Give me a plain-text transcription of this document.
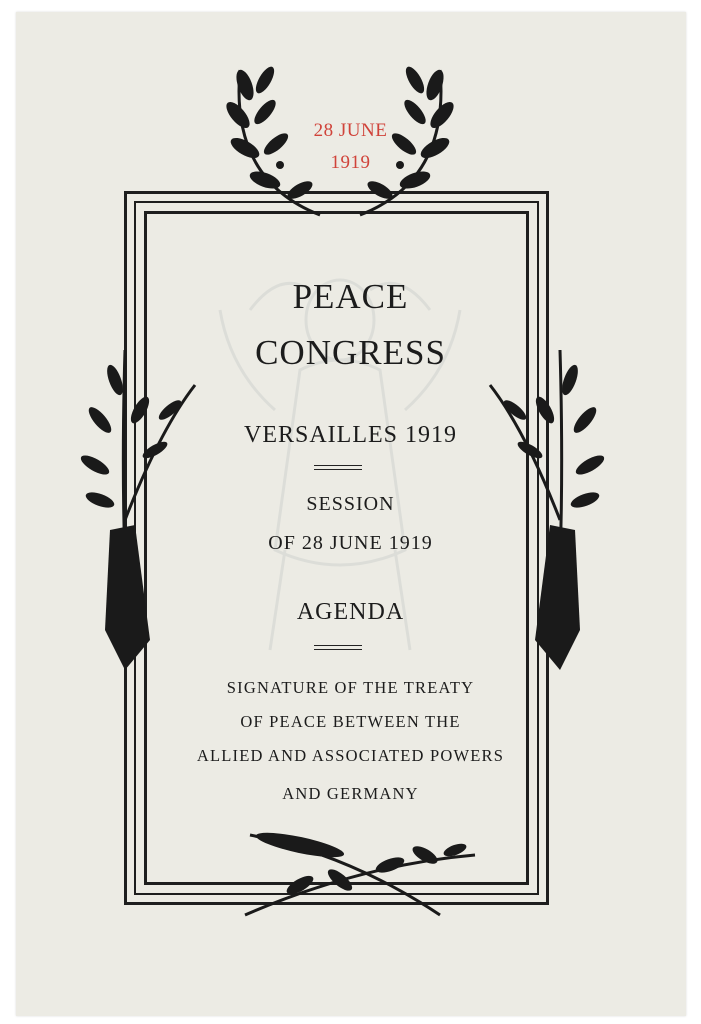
28 JUNE
1919
PEACE
CONGRESS
VERSAILLES 1919
SESSION
OF 28 JUNE 1919
AGENDA
SIGNATURE OF THE TREATY
OF PEACE BETWEEN THE
ALLIED AND ASSOCIATED POWERS
AND GERMANY
